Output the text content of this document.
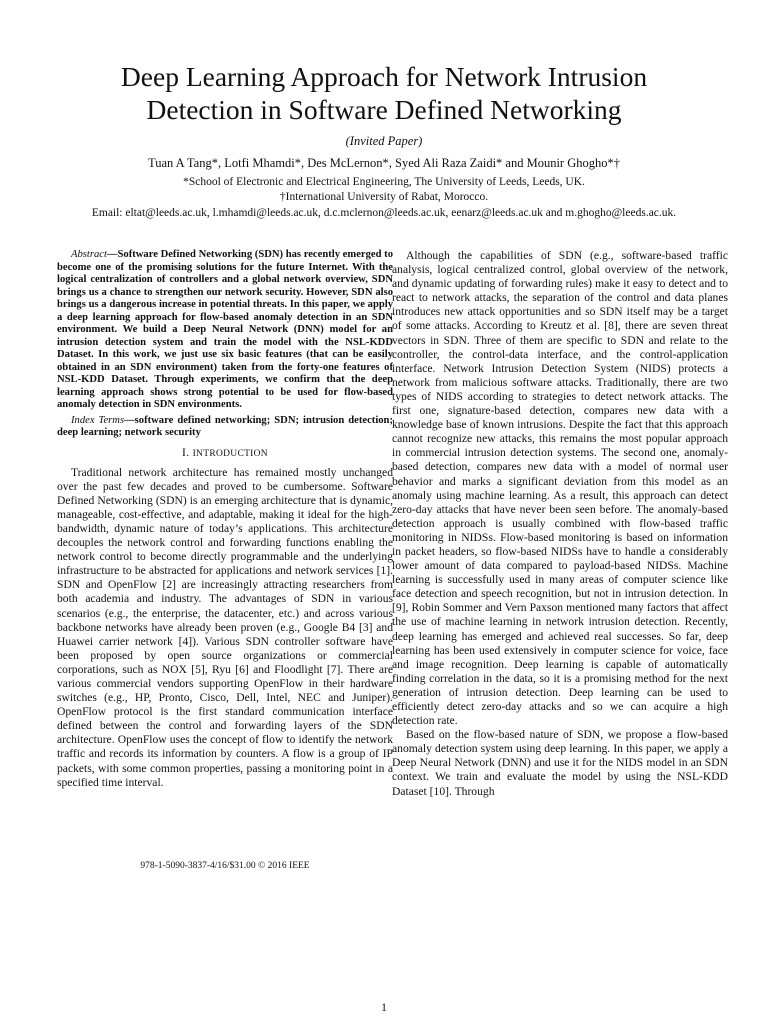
Deep Learning Approach for Network Intrusion
Detection in Software Defined Networking
(Invited Paper)
Tuan A Tang*, Lotfi Mhamdi*, Des McLernon*, Syed Ali Raza Zaidi* and Mounir Ghogho*†
*School of Electronic and Electrical Engineering, The University of Leeds, Leeds, UK.
†International University of Rabat, Morocco.
Email: eltat@leeds.ac.uk, l.mhamdi@leeds.ac.uk, d.c.mclernon@leeds.ac.uk, eenarz@leeds.ac.uk and m.ghogho@leeds.ac.uk.

Abstract—Software Defined Networking (SDN) has recently emerged to become one of the promising solutions for the future Internet. With the logical centralization of controllers and a global network overview, SDN brings us a chance to strengthen our network security. However, SDN also brings us a dangerous increase in potential threats. In this paper, we apply a deep learning approach for flow-based anomaly detection in an SDN environment. We build a Deep Neural Network (DNN) model for an intrusion detection system and train the model with the NSL-KDD Dataset. In this work, we just use six basic features (that can be easily obtained in an SDN environment) taken from the forty-one features of NSL-KDD Dataset. Through experiments, we confirm that the deep learning approach shows strong potential to be used for flow-based anomaly detection in SDN environments.

Index Terms—software defined networking; SDN; intrusion detection; deep learning; network security

I. INTRODUCTION

Traditional network architecture has remained mostly unchanged over the past few decades and proved to be cumbersome. Software Defined Networking (SDN) is an emerging architecture that is dynamic, manageable, cost-effective, and adaptable, making it ideal for the high-bandwidth, dynamic nature of today’s applications. This architecture decouples the network control and forwarding functions enabling the network control to become directly programmable and the underlying infrastructure to be abstracted for applications and network services [1]. SDN and OpenFlow [2] are increasingly attracting researchers from both academia and industry. The advantages of SDN in various scenarios (e.g., the enterprise, the datacenter, etc.) and across various backbone networks have already been proven (e.g., Google B4 [3] and Huawei carrier network [4]). Various SDN controller software have been proposed by open source organizations or commercial corporations, such as NOX [5], Ryu [6] and Floodlight [7]. There are various commercial vendors supporting OpenFlow in their hardware switches (e.g., HP, Pronto, Cisco, Dell, Intel, NEC and Juniper). OpenFlow protocol is the first standard communication interface defined between the control and forwarding layers of the SDN architecture. OpenFlow uses the concept of flow to identify the network traffic and records its information by counters. A flow is a group of IP packets, with some common properties, passing a monitoring point in a specified time interval.

978-1-5090-3837-4/16/$31.00 © 2016 IEEE

Although the capabilities of SDN (e.g., software-based traffic analysis, logical centralized control, global overview of the network, and dynamic updating of forwarding rules) make it easy to detect and to react to network attacks, the separation of the control and data planes introduces new attack opportunities and so SDN itself may be a target of some attacks. According to Kreutz et al. [8], there are seven threat vectors in SDN. Three of them are specific to SDN and relate to the controller, the control-data interface, and the control-application interface. Network Intrusion Detection System (NIDS) protects a network from malicious software attacks. Traditionally, there are two types of NIDS according to strategies to detect network attacks. The first one, signature-based detection, compares new data with a knowledge base of known intrusions. Despite the fact that this approach cannot recognize new attacks, this remains the most popular approach in commercial intrusion detection systems. The second one, anomaly-based detection, compares new data with a model of normal user behavior and marks a significant deviation from this model as an anomaly using machine learning. As a result, this approach can detect zero-day attacks that have never been seen before. The anomaly-based detection approach is usually combined with flow-based traffic monitoring in NIDSs. Flow-based monitoring is based on information in packet headers, so flow-based NIDSs have to handle a considerably lower amount of data compared to payload-based NIDSs. Machine learning is successfully used in many areas of computer science like face detection and speech recognition, but not in intrusion detection. In [9], Robin Sommer and Vern Paxson mentioned many factors that affect the use of machine learning in network intrusion detection. Recently, deep learning has emerged and achieved real successes. So far, deep learning has been used extensively in computer science for voice, face and image recognition. Deep learning is capable of automatically finding correlation in the data, so it is a promising method for the next generation of intrusion detection. Deep learning can be used to efficiently detect zero-day attacks and so we can acquire a high detection rate.

Based on the flow-based nature of SDN, we propose a flow-based anomaly detection system using deep learning. In this paper, we apply a Deep Neural Network (DNN) and use it for the NIDS model in an SDN context. We train and evaluate the model by using the NSL-KDD Dataset [10]. Through

1
